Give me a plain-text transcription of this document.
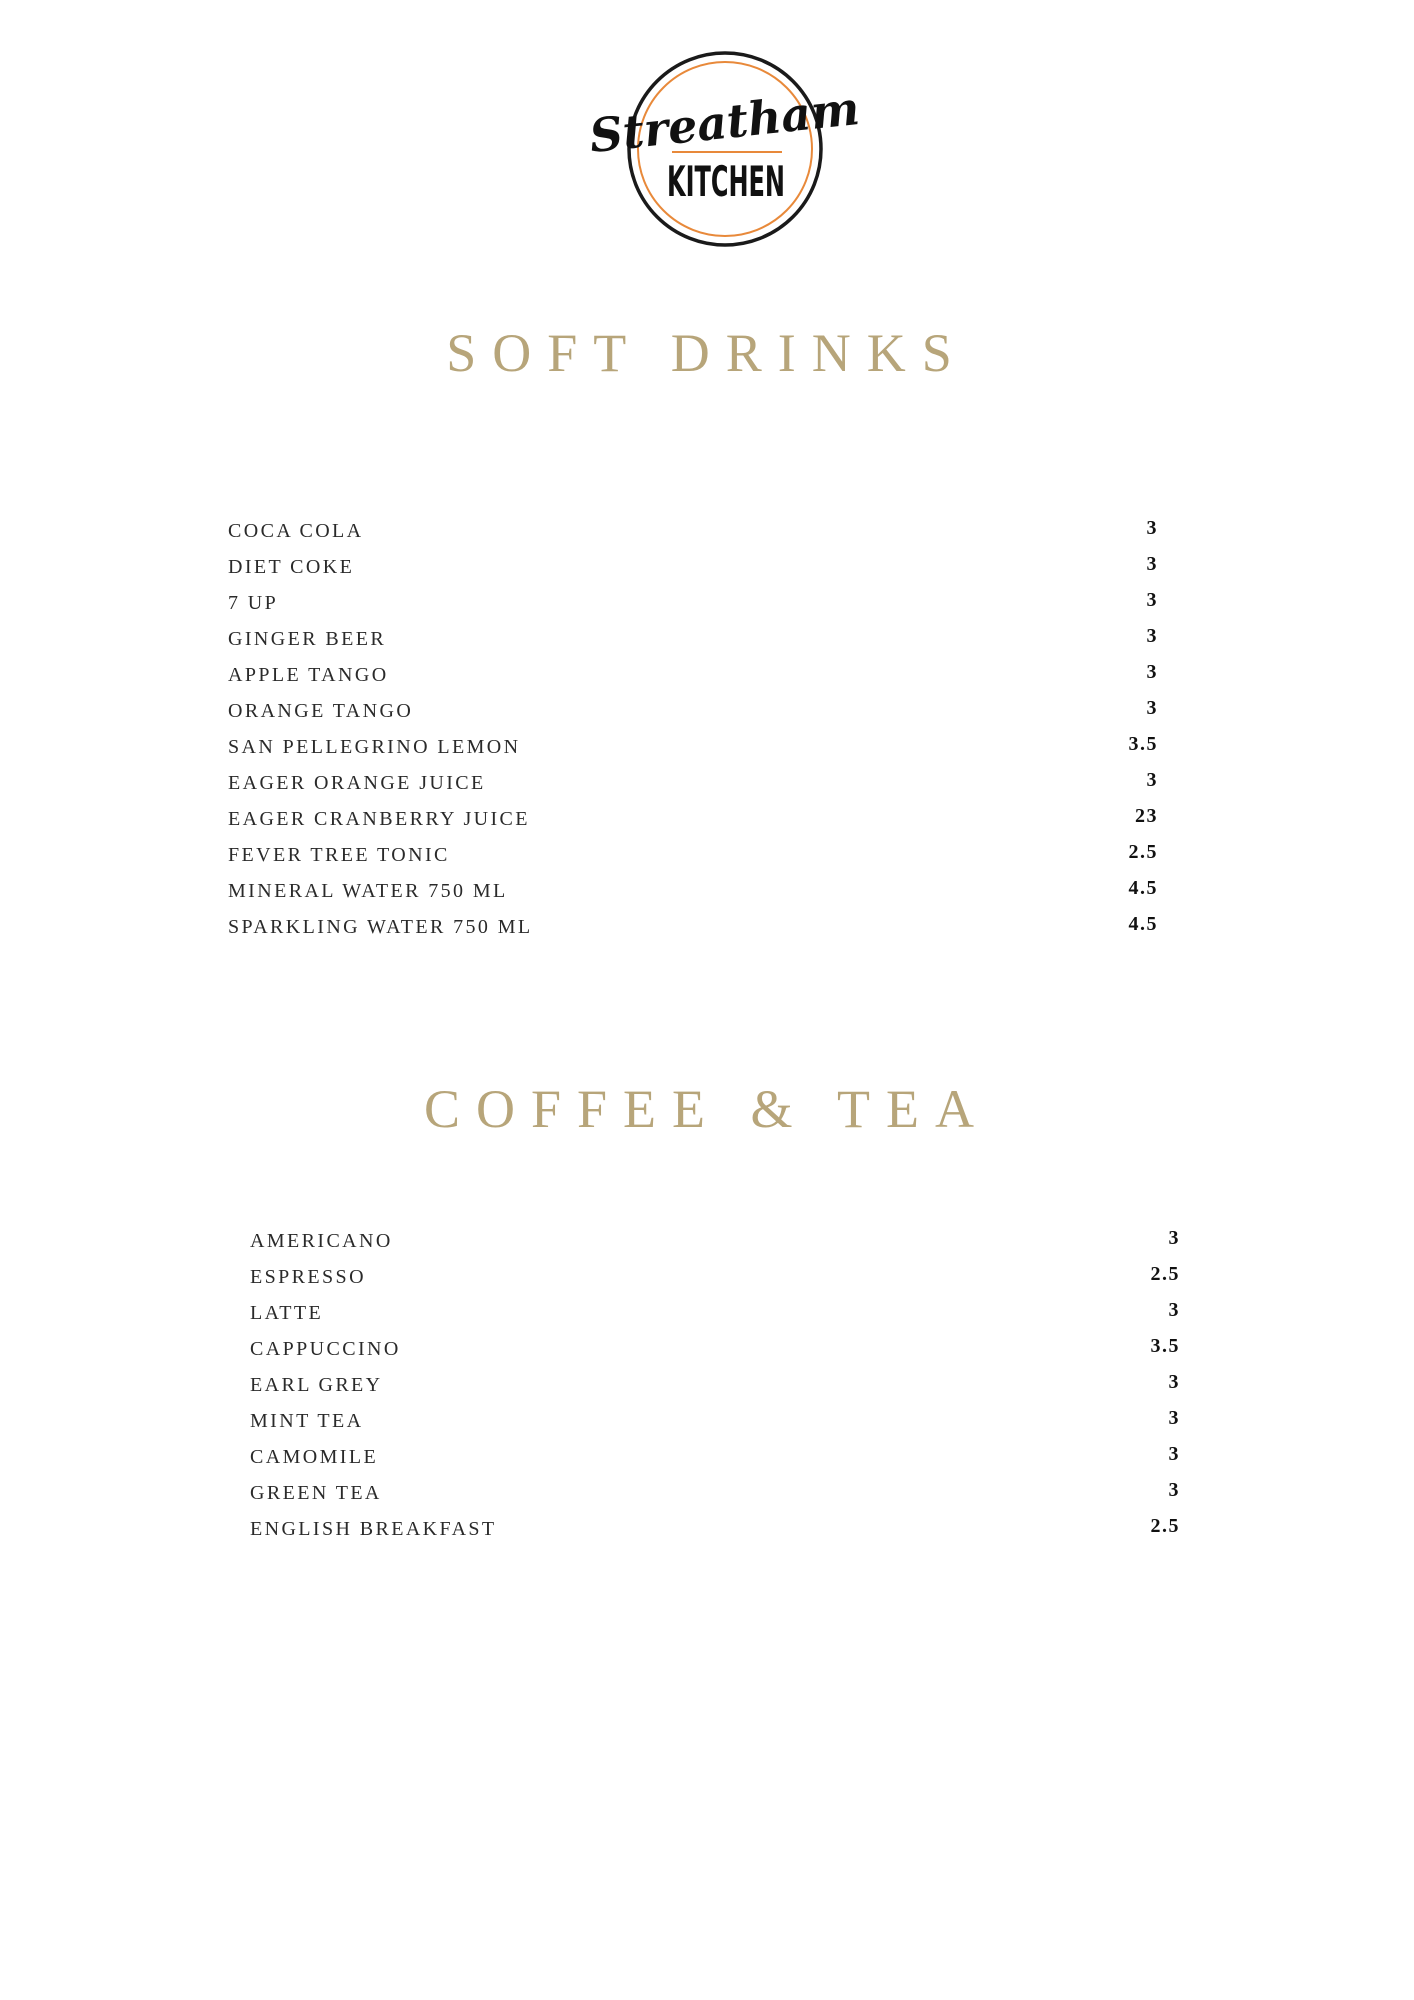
Streatham
KITCHEN
SOFT DRINKS
COCA COLA	3
DIET COKE	3
7 UP	3
GINGER BEER	3
APPLE TANGO	3
ORANGE TANGO	3
SAN PELLEGRINO LEMON	3.5
EAGER ORANGE JUICE	3
EAGER CRANBERRY JUICE	23
FEVER TREE TONIC	2.5
MINERAL WATER 750 ML	4.5
SPARKLING WATER 750 ML	4.5
COFFEE & TEA
AMERICANO	3
ESPRESSO	2.5
LATTE	3
CAPPUCCINO	3.5
EARL GREY	3
MINT TEA	3
CAMOMILE	3
GREEN TEA	3
ENGLISH BREAKFAST	2.5
